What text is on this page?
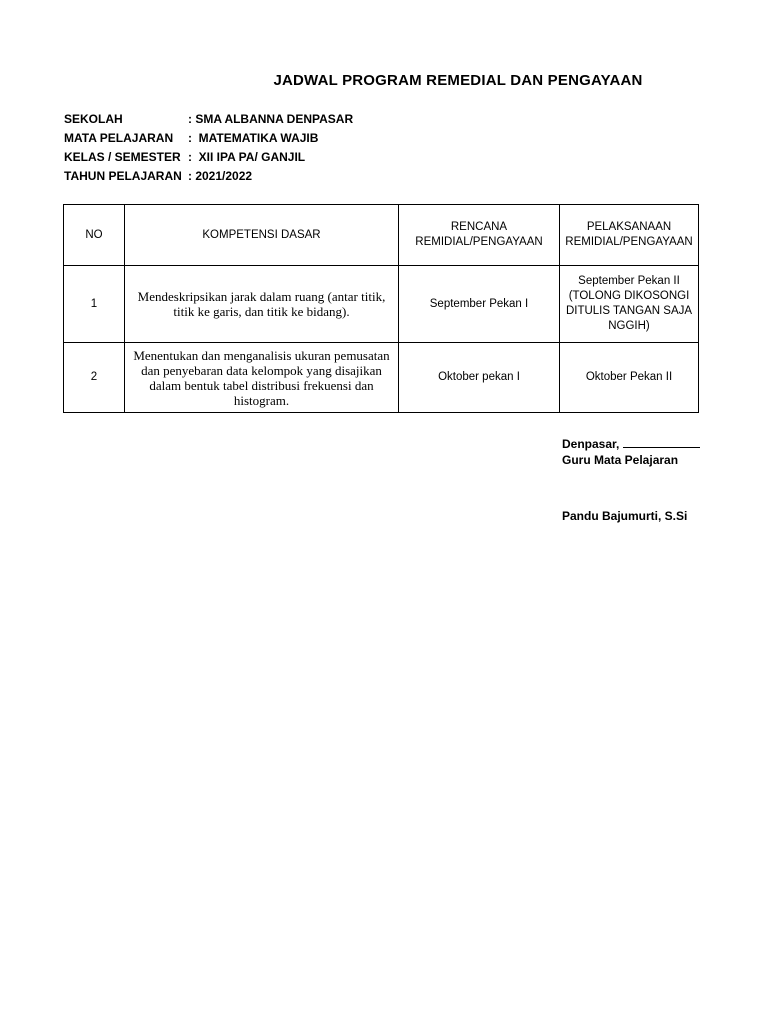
JADWAL PROGRAM REMEDIAL DAN PENGAYAAN
SEKOLAH	: SMA ALBANNA DENPASAR
MATA PELAJARAN	:  MATEMATIKA WAJIB
KELAS / SEMESTER :  XII IPA PA/ GANJIL
TAHUN PELAJARAN : 2021/2022
NO	KOMPETENSI DASAR	RENCANA REMIDIAL/PENGAYAAN	PELAKSANAAN REMIDIAL/PENGAYAAN
1	Mendeskripsikan jarak dalam ruang (antar titik, titik ke garis, dan titik ke bidang).	September Pekan I	September Pekan II (TOLONG DIKOSONGI DITULIS TANGAN SAJA NGGIH)
2	Menentukan dan menganalisis ukuran pemusatan dan penyebaran data kelompok yang disajikan dalam bentuk tabel distribusi frekuensi dan histogram.	Oktober pekan I	Oktober Pekan II
Denpasar,
Guru Mata Pelajaran
Pandu Bajumurti, S.Si
